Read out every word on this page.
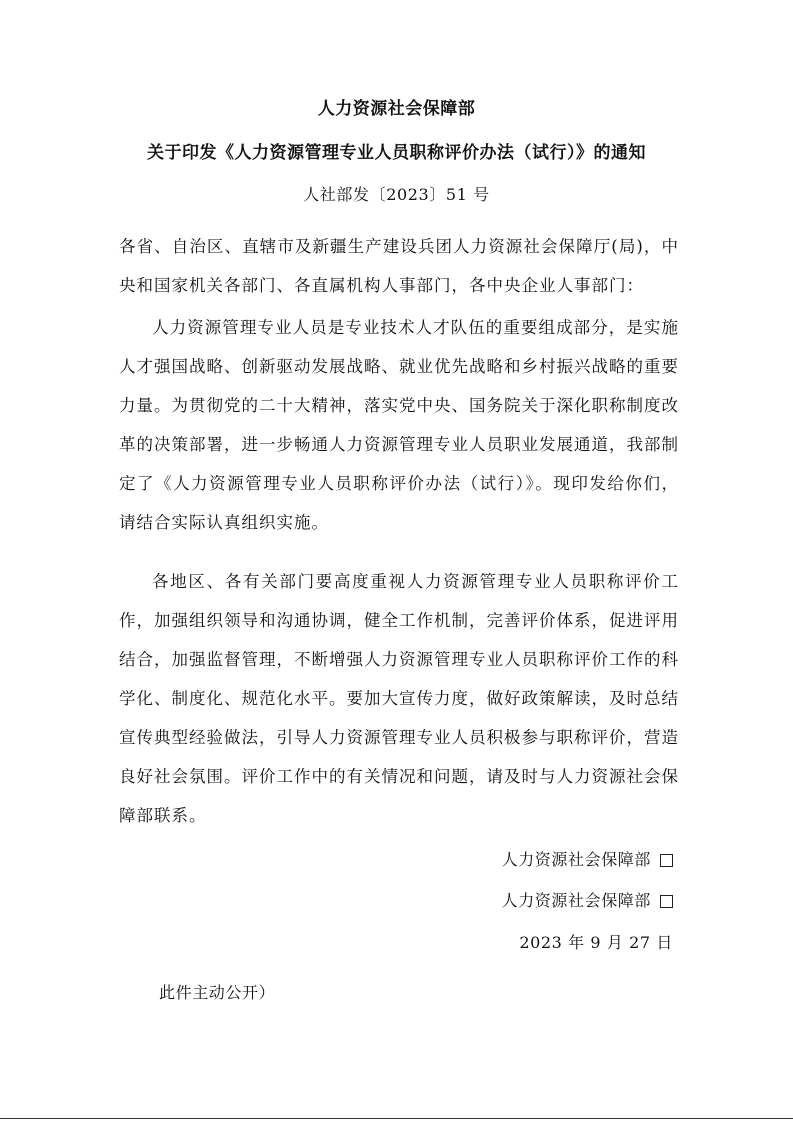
人力资源社会保障部
关于印发《人力资源管理专业人员职称评价办法（试行）》的通知
人社部发〔2023〕51 号
各省、自治区、直辖市及新疆生产建设兵团人力资源社会保障厅(局)，中央和国家机关各部门、各直属机构人事部门，各中央企业人事部门：
人力资源管理专业人员是专业技术人才队伍的重要组成部分，是实施人才强国战略、创新驱动发展战略、就业优先战略和乡村振兴战略的重要力量。为贯彻党的二十大精神，落实党中央、国务院关于深化职称制度改革的决策部署，进一步畅通人力资源管理专业人员职业发展通道，我部制定了《人力资源管理专业人员职称评价办法（试行）》。现印发给你们，请结合实际认真组织实施。
各地区、各有关部门要高度重视人力资源管理专业人员职称评价工作，加强组织领导和沟通协调，健全工作机制，完善评价体系，促进评用结合，加强监督管理，不断增强人力资源管理专业人员职称评价工作的科学化、制度化、规范化水平。要加大宣传力度，做好政策解读，及时总结宣传典型经验做法，引导人力资源管理专业人员积极参与职称评价，营造良好社会氛围。评价工作中的有关情况和问题，请及时与人力资源社会保障部联系。
人力资源社会保障部
人力资源社会保障部
2023 年 9 月 27 日
此件主动公开）
